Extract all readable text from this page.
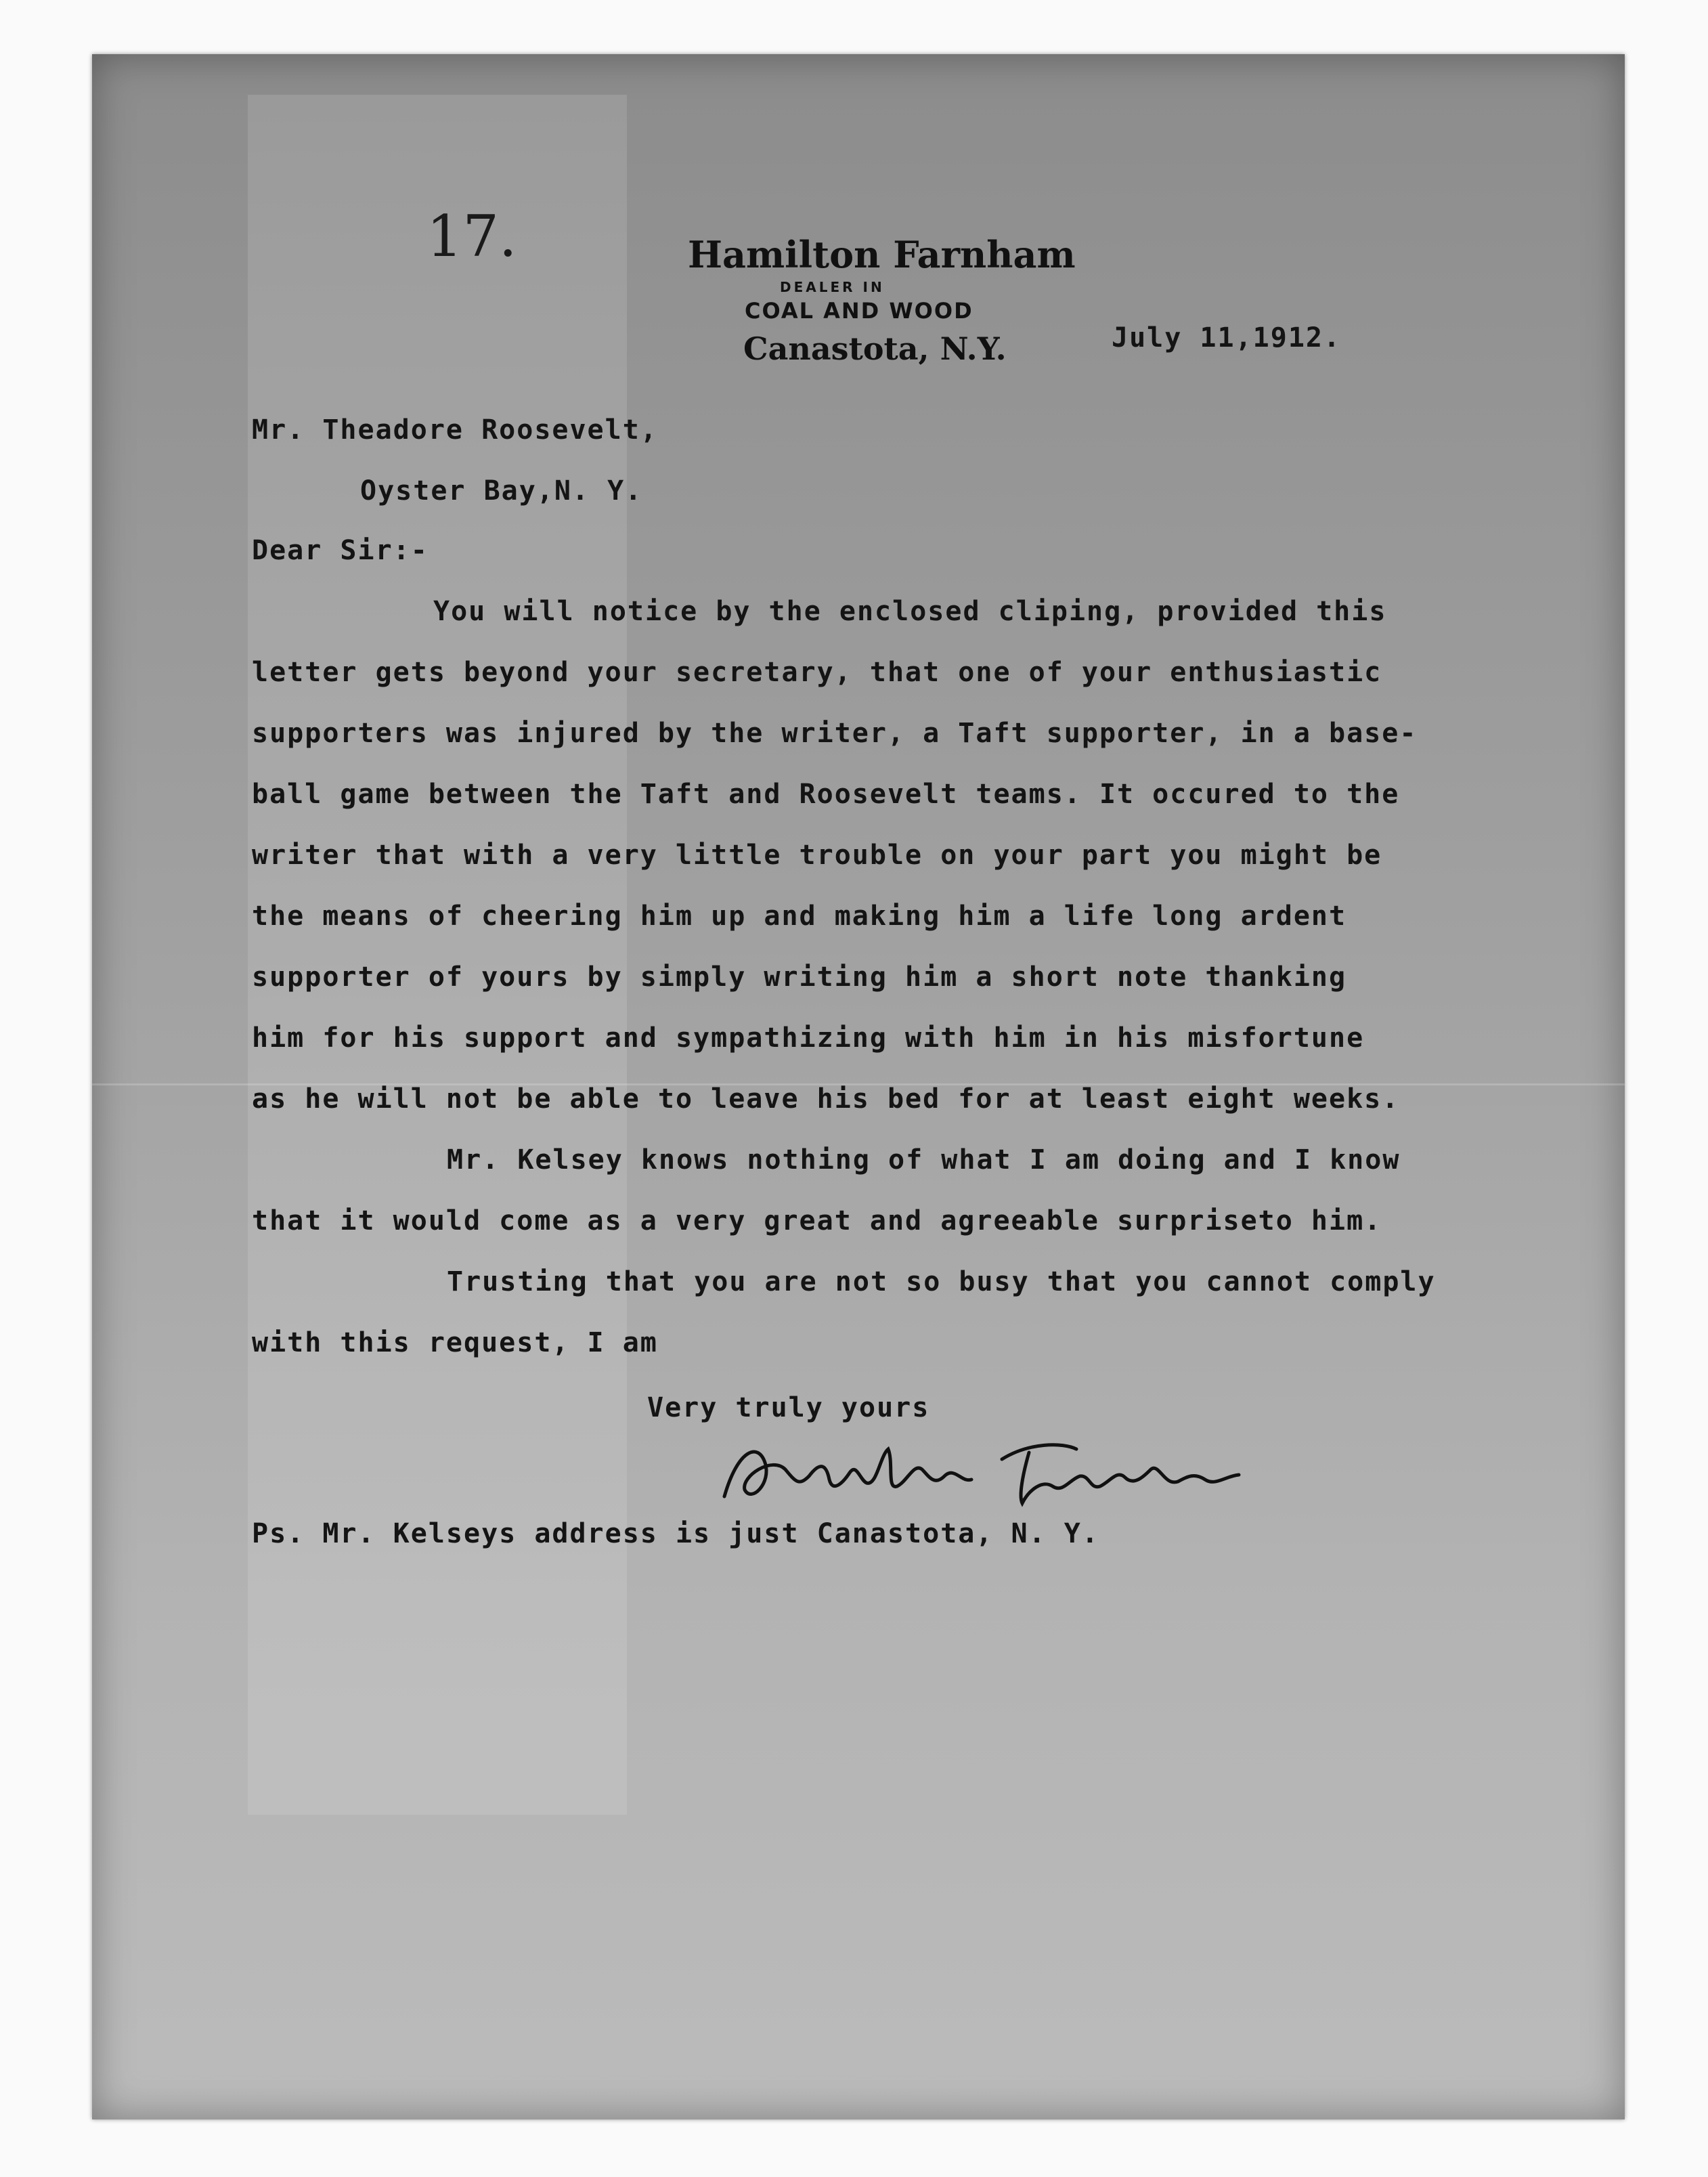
17.	Hamilton Farnham
DEALER IN
COAL AND WOOD
Canastota, N.Y.	July 11,1912.
Mr. Theadore Roosevelt,
Oyster Bay,N. Y.
Dear Sir:-
You will notice by the enclosed cliping, provided this
letter gets beyond your secretary, that one of your enthusiastic
supporters was injured by the writer, a Taft supporter, in a base-
ball game between the Taft and Roosevelt teams. It occured to the
writer that with a very little trouble on your part you might be
the means of cheering him up and making him a life long ardent
supporter of yours by simply writing him a short note thanking
him for his support and sympathizing with him in his misfortune
as he will not be able to leave his bed for at least eight weeks.
Mr. Kelsey knows nothing of what I am doing and I know
that it would come as a very great and agreeable surpriseto him.
Trusting that you are not so busy that you cannot comply
with this request, I am
Very truly yours
Ps. Mr. Kelseys address is just Canastota, N. Y.
